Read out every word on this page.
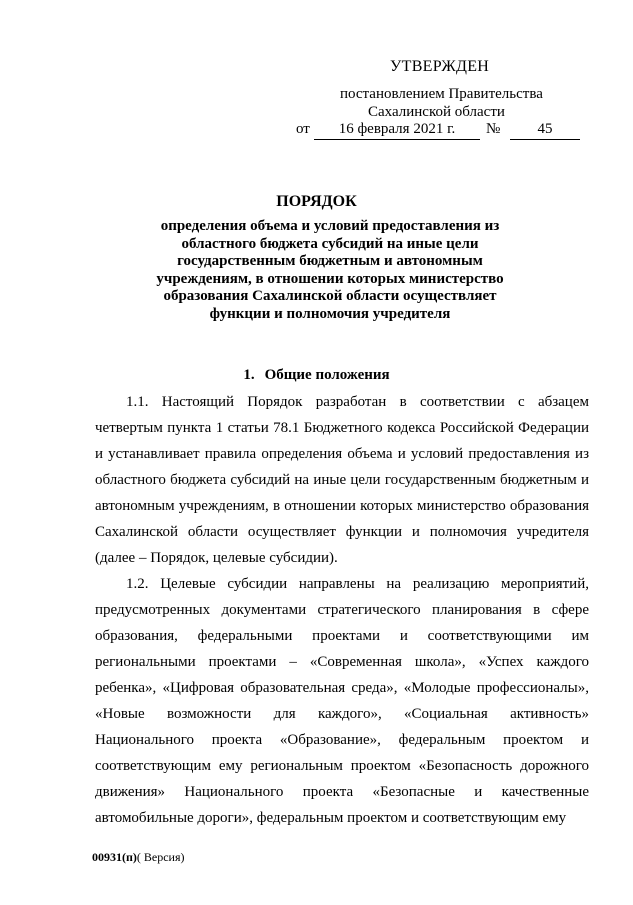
УТВЕРЖДЕН
постановлением Правительства
Сахалинской области
от	16 февраля 2021 г.	№	45
ПОРЯДОК
определения объема и условий предоставления из областного бюджета субсидий на иные цели государственным бюджетным и автономным учреждениям, в отношении которых министерство образования Сахалинской области осуществляет функции и полномочия учредителя
1. Общие положения

1.1. Настоящий Порядок разработан в соответствии с абзацем четвертым пункта 1 статьи 78.1 Бюджетного кодекса Российской Федерации и устанавливает правила определения объема и условий предоставления из областного бюджета субсидий на иные цели государственным бюджетным и автономным учреждениям, в отношении которых министерство образования Сахалинской области осуществляет функции и полномочия учредителя (далее – Порядок, целевые субсидии).

1.2. Целевые субсидии направлены на реализацию мероприятий, предусмотренных документами стратегического планирования в сфере образования, федеральными проектами и соответствующими им региональными проектами – «Современная школа», «Успех каждого ребенка», «Цифровая образовательная среда», «Молодые профессионалы», «Новые возможности для каждого», «Социальная активность» Национального проекта «Образование», федеральным проектом и соответствующим ему региональным проектом «Безопасность дорожного движения» Национального проекта «Безопасные и качественные автомобильные дороги», федеральным проектом и соответствующим ему

00931(п)( Версия)
